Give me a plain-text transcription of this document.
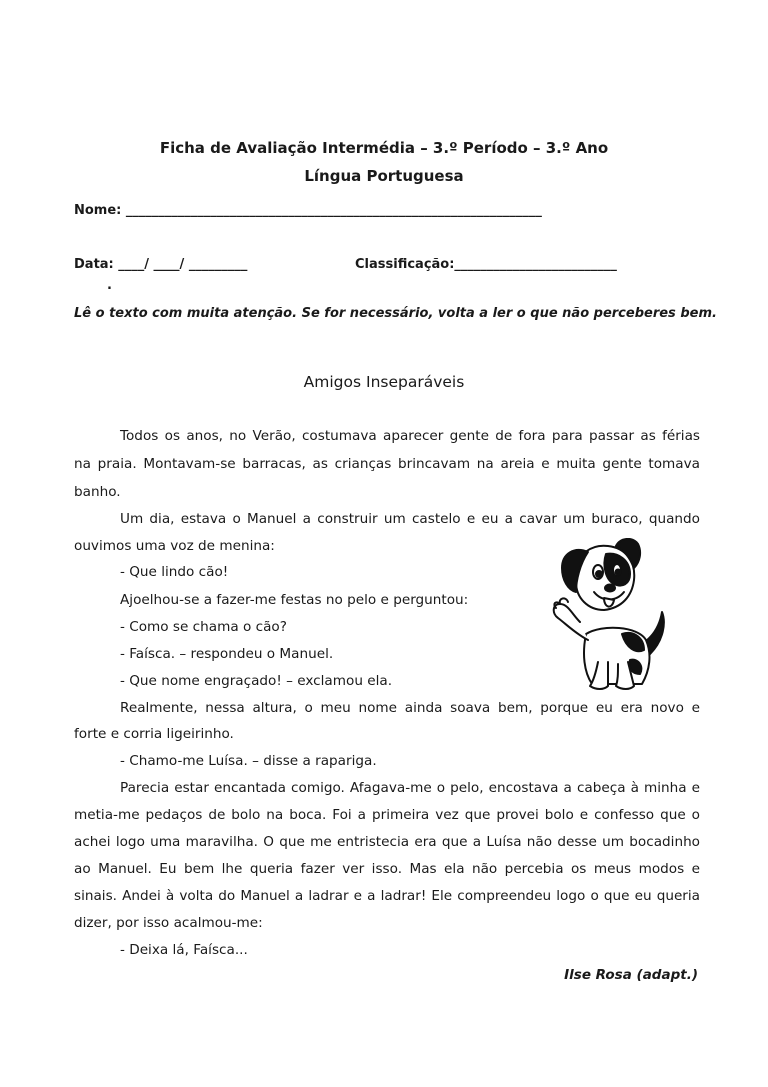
Ficha de Avaliação Intermédia – 3.º Período – 3.º Ano
Língua Portuguesa
Nome: ________________________________________________________________
Data: ____/ ____/ _________	Classificação:_________________________
.
Lê o texto com muita atenção. Se for necessário, volta a ler o que não perceberes bem.
Amigos Inseparáveis
Todos os anos, no Verão, costumava aparecer gente de fora para passar as férias
na praia. Montavam-se barracas, as crianças brincavam na areia e muita gente tomava
banho.
Um dia, estava o Manuel a construir um castelo e eu a cavar um buraco, quando
ouvimos uma voz de menina:
- Que lindo cão!
Ajoelhou-se a fazer-me festas no pelo e perguntou:
- Como se chama o cão?
- Faísca. – respondeu o Manuel.
- Que nome engraçado! – exclamou ela.
Realmente, nessa altura, o meu nome ainda soava bem, porque eu era novo e
forte e corria ligeirinho.
- Chamo-me Luísa. – disse a rapariga.
Parecia estar encantada comigo. Afagava-me o pelo, encostava a cabeça à minha e
metia-me pedaços de bolo na boca. Foi a primeira vez que provei bolo e confesso que o
achei logo uma maravilha. O que me entristecia era que a Luísa não desse um bocadinho
ao Manuel. Eu bem lhe queria fazer ver isso. Mas ela não percebia os meus modos e
sinais. Andei à volta do Manuel a ladrar e a ladrar! Ele compreendeu logo o que eu queria
dizer, por isso acalmou-me:
- Deixa lá, Faísca...
Ilse Rosa (adapt.)
